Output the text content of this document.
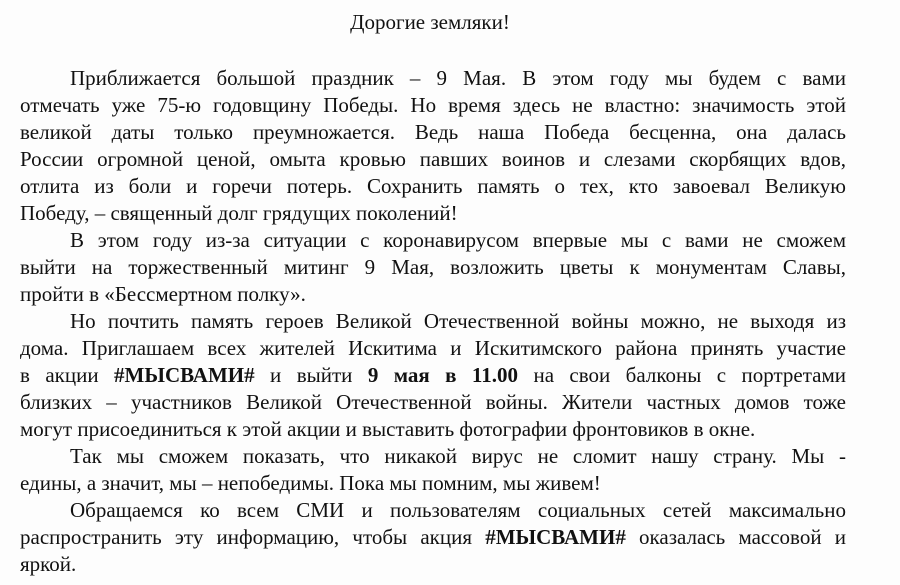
Дорогие земляки!
Приближается большой праздник – 9 Мая. В этом году мы будем с вами
отмечать уже 75-ю годовщину Победы. Но время здесь не властно: значимость этой
великой даты только преумножается. Ведь наша Победа бесценна, она далась
России огромной ценой, омыта кровью павших воинов и слезами скорбящих вдов,
отлита из боли и горечи потерь. Сохранить память о тех, кто завоевал Великую
Победу, – священный долг грядущих поколений!
В этом году из-за ситуации с коронавирусом впервые мы с вами не сможем
выйти на торжественный митинг 9 Мая, возложить цветы к монументам Славы,
пройти в «Бессмертном полку».
Но почтить память героев Великой Отечественной войны можно, не выходя из
дома. Приглашаем всех жителей Искитима и Искитимского района принять участие
в акции #МЫСВАМИ# и выйти 9 мая в 11.00 на свои балконы с портретами
близких – участников Великой Отечественной войны. Жители частных домов тоже
могут присоединиться к этой акции и выставить фотографии фронтовиков в окне.
Так мы сможем показать, что никакой вирус не сломит нашу страну. Мы -
едины, а значит, мы – непобедимы. Пока мы помним, мы живем!
Обращаемся ко всем СМИ и пользователям социальных сетей максимально
распространить эту информацию, чтобы акция #МЫСВАМИ# оказалась массовой и
яркой.
